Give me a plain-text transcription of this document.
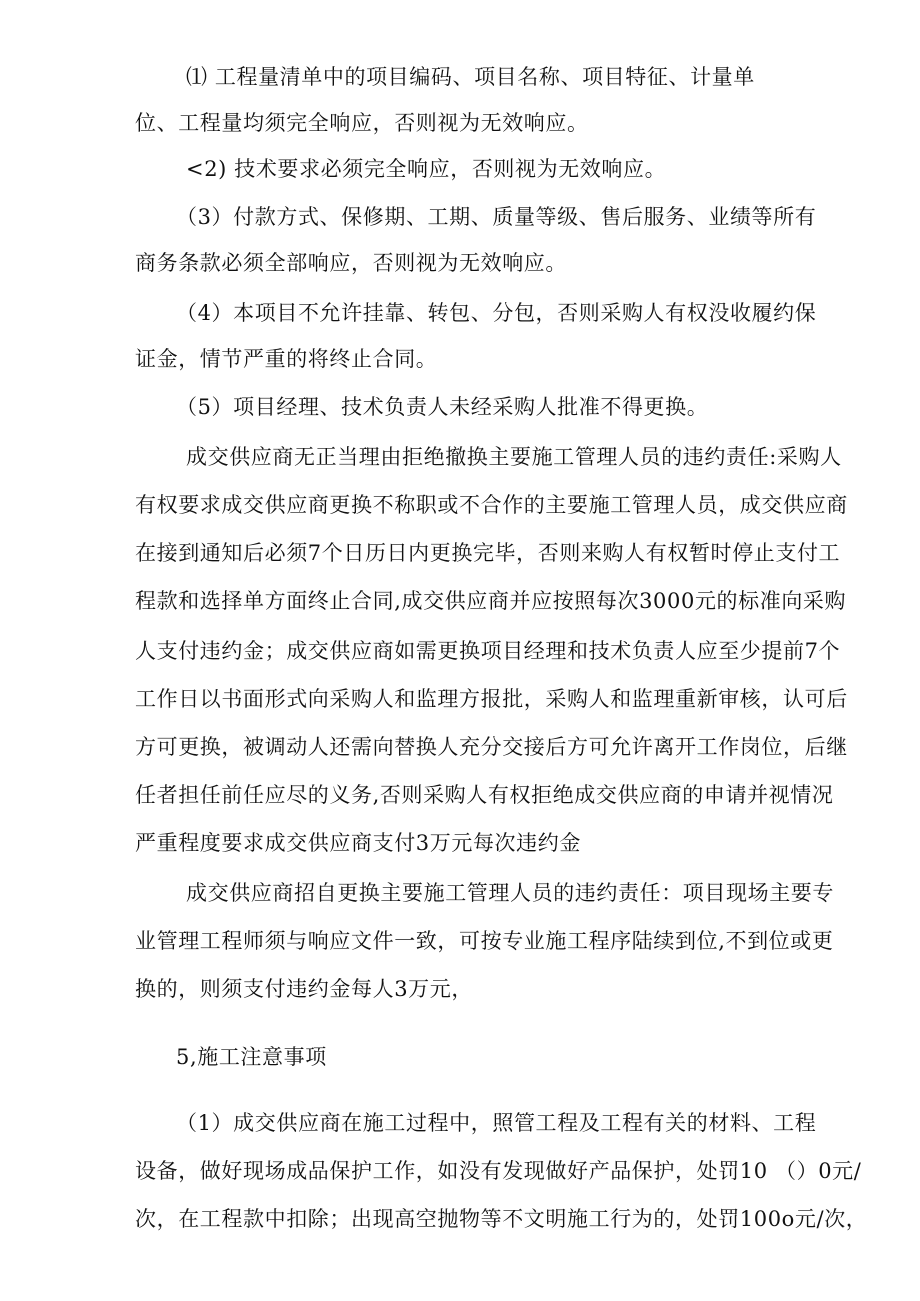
⑴ 工程量清单中的项目编码、项目名称、项目特征、计量单
位、工程量均须完全响应，否则视为无效响应。
<2) 技术要求必须完全响应，否则视为无效响应。
（3）付款方式、保修期、工期、质量等级、售后服务、业绩等所有
商务条款必须全部响应，否则视为无效响应。
（4）本项目不允许挂靠、转包、分包，否则采购人有权没收履约保
证金，情节严重的将终止合同。
（5）项目经理、技术负责人未经采购人批准不得更换。
成交供应商无正当理由拒绝撤换主要施工管理人员的违约责任:采购人
有权要求成交供应商更换不称职或不合作的主要施工管理人员，成交供应商
在接到通知后必须7个日历日内更换完毕，否则来购人有权暂时停止支付工
程款和选择单方面终止合同,成交供应商并应按照每次3000元的标准向采购
人支付违约金；成交供应商如需更换项目经理和技术负责人应至少提前7个
工作日以书面形式向采购人和监理方报批，采购人和监理重新审核，认可后
方可更换，被调动人还需向替换人充分交接后方可允许离开工作岗位，后继
任者担任前任应尽的义务,否则采购人有权拒绝成交供应商的申请并视情况
严重程度要求成交供应商支付3万元每次违约金
成交供应商招自更换主要施工管理人员的违约责任：项目现场主要专
业管理工程师须与响应文件一致，可按专业施工程序陆续到位,不到位或更
换的，则须支付违约金每人3万元，
5,施工注意事项
（1）成交供应商在施工过程中，照管工程及工程有关的材料、工程
设备，做好现场成品保护工作，如没有发现做好产品保护，处罚10 （）0元/
次，在工程款中扣除；出现高空抛物等不文明施工行为的，处罚100o元/次，
